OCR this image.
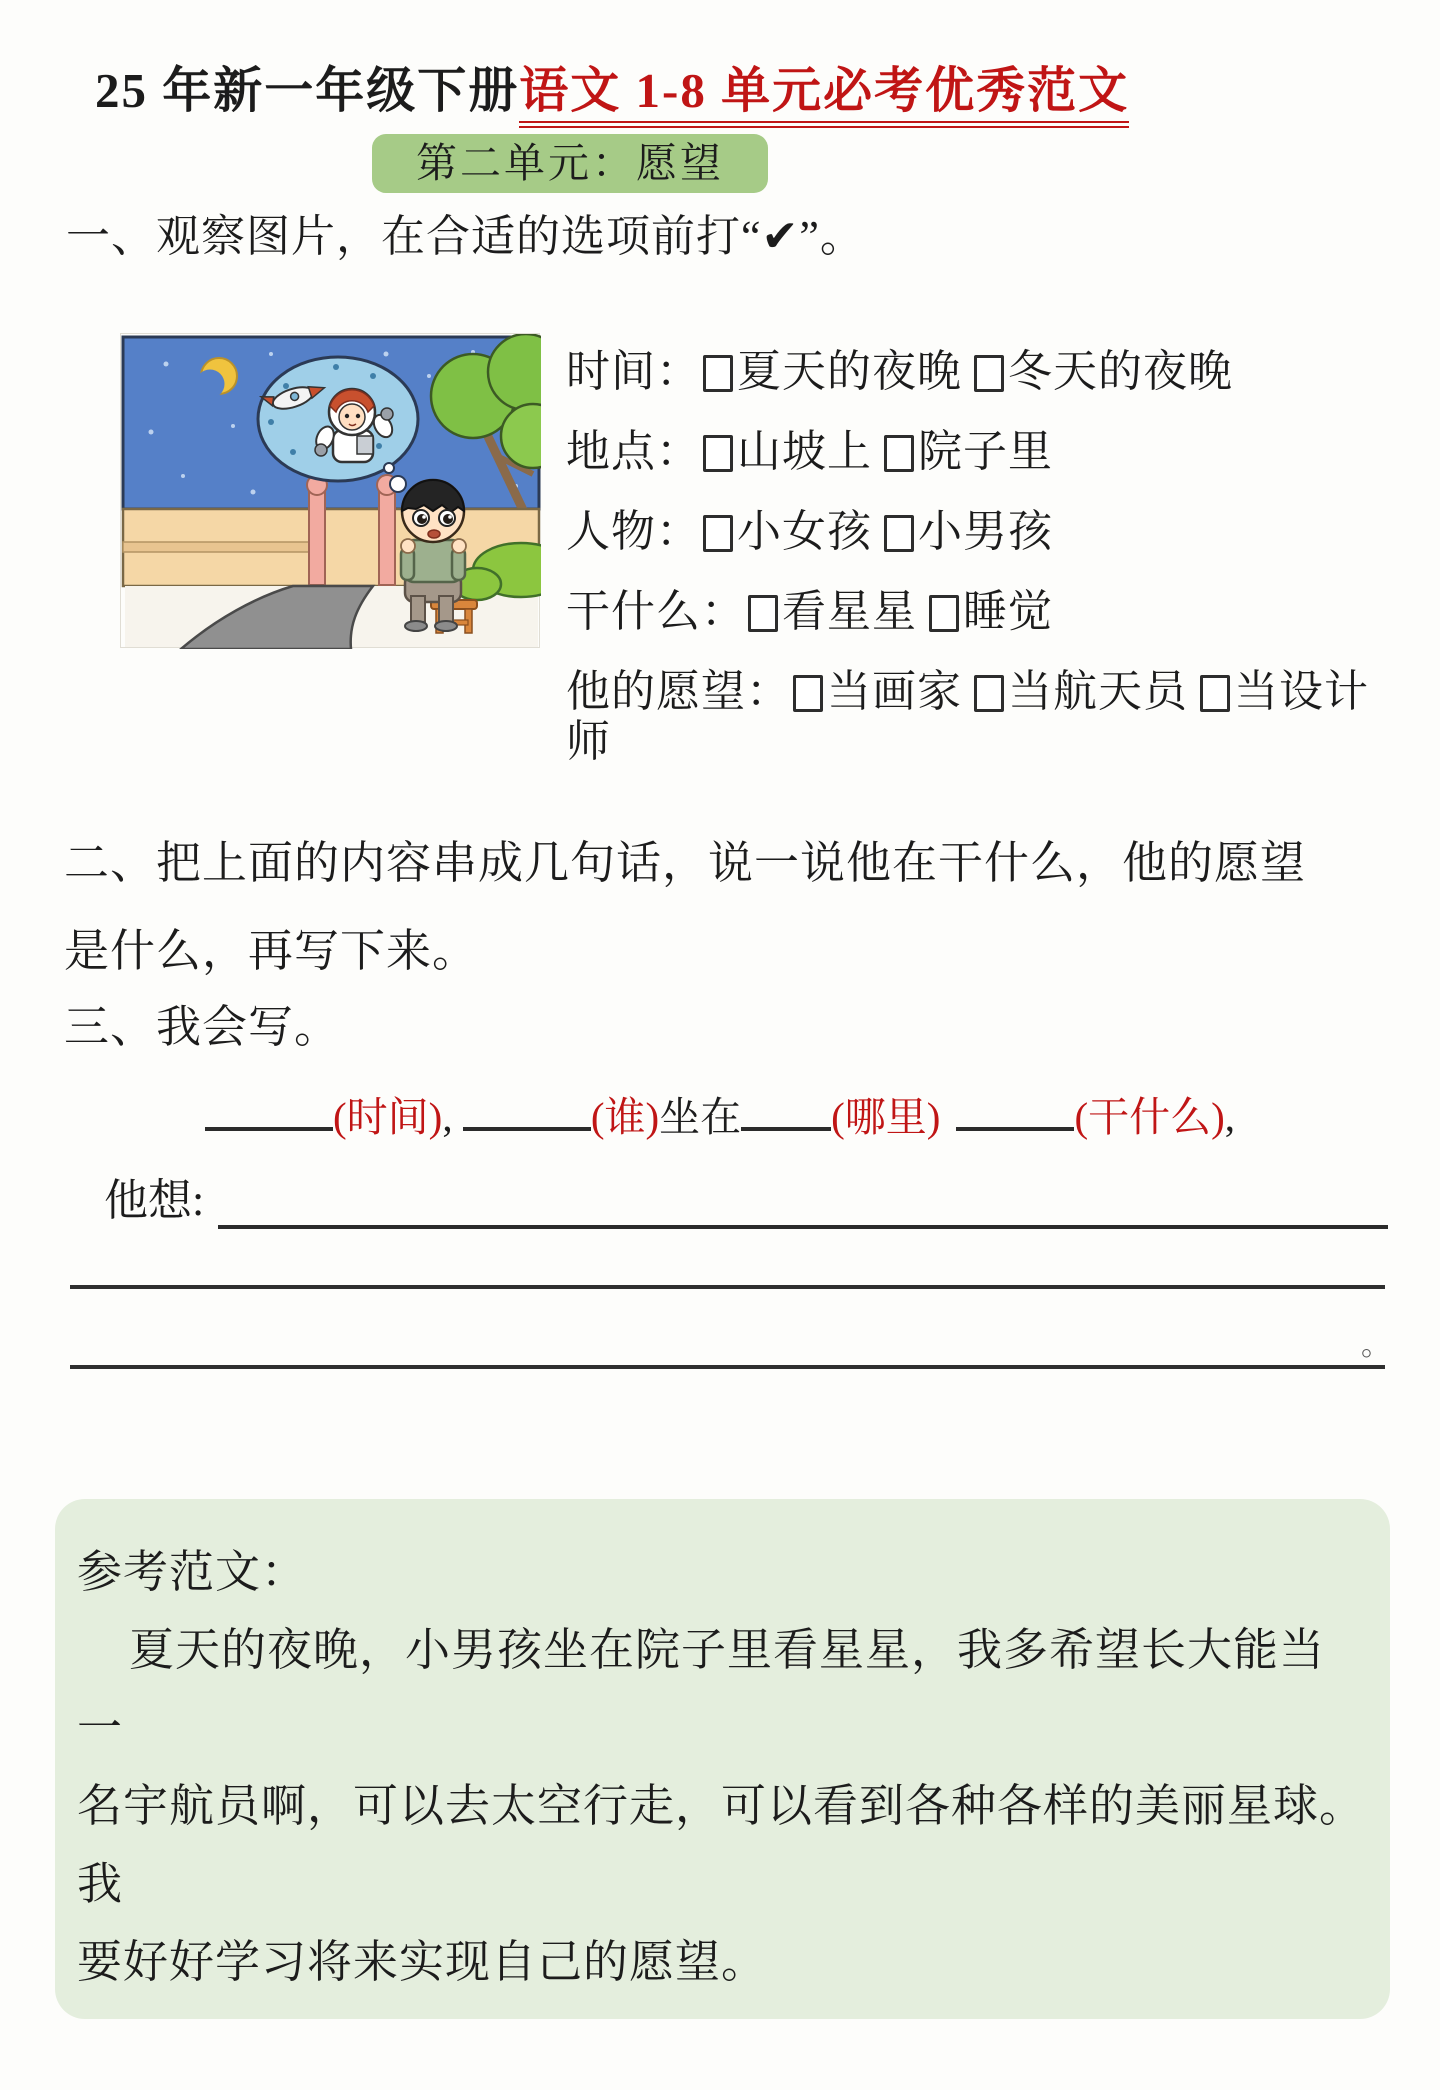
25 年新一年级下册语文 1-8 单元必考优秀范文
第二单元：愿望
一、观察图片，在合适的选项前打“✔”。
时间： 夏天的夜晚 冬天的夜晚
地点： 山坡上 院子里
人物： 小女孩 小男孩
干什么： 看星星 睡觉
他的愿望： 当画家 当航天员 当设计师
二、把上面的内容串成几句话，说一说他在干什么，他的愿望
是什么，再写下来。
三、我会写。
(时间),	(谁)坐在 (哪里)	(干什么),
他想:
。
参考范文：
夏天的夜晚，小男孩坐在院子里看星星，我多希望长大能当一
名宇航员啊，可以去太空行走，可以看到各种各样的美丽星球。我
要好好学习将来实现自己的愿望。
